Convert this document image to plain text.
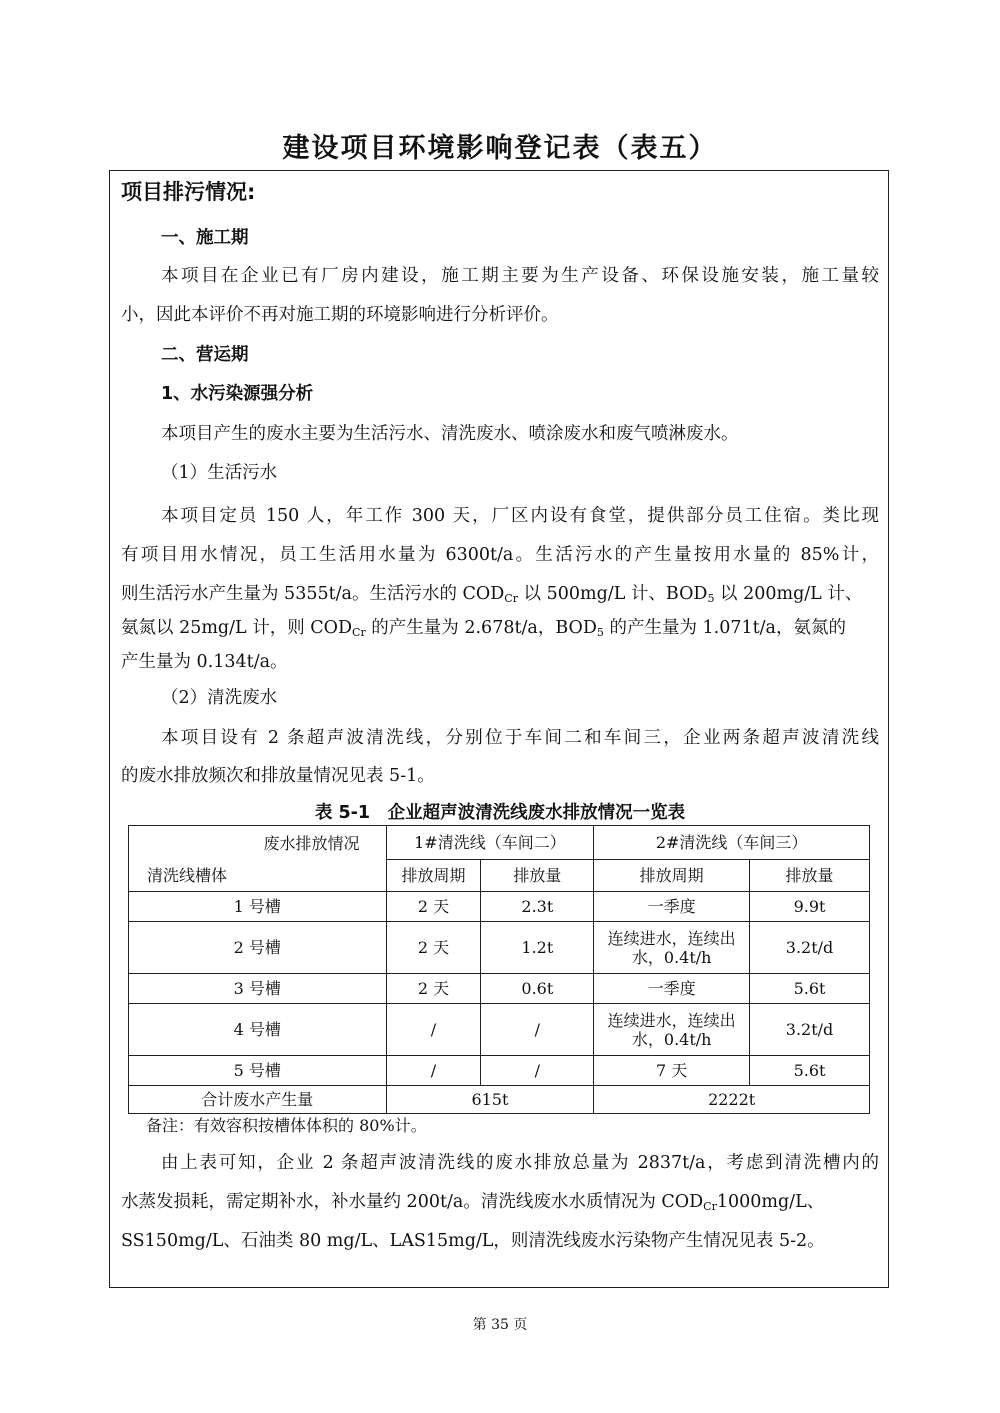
建设项目环境影响登记表（表五）
项目排污情况:
一、施工期
本项目在企业已有厂房内建设，施工期主要为生产设备、环保设施安装，施工量较
小，因此本评价不再对施工期的环境影响进行分析评价。
二、营运期
1、水污染源强分析
本项目产生的废水主要为生活污水、清洗废水、喷涂废水和废气喷淋废水。
（1）生活污水
本项目定员 150 人，年工作 300 天，厂区内设有食堂，提供部分员工住宿。类比现
有项目用水情况，员工生活用水量为 6300t/a。生活污水的产生量按用水量的 85%计，
则生活污水产生量为 5355t/a。生活污水的 $COD_{Cr}$ 以 500mg/L 计、$BOD_5$ 以 200mg/L 计、
氨氮以 25mg/L 计，则 $COD_{Cr}$ 的产生量为 2.678t/a，$BOD_5$ 的产生量为 1.071t/a，氨氮的
产生量为 0.134t/a。
（2）清洗废水
本项目设有 2 条超声波清洗线，分别位于车间二和车间三，企业两条超声波清洗线
的废水排放频次和排放量情况见表 5-1。
表 5-1　企业超声波清洗线废水排放情况一览表
废水排放情况
清洗线槽体	1#清洗线（车间二）		2#清洗线（车间三）	
	排放周期	排放量	排放周期	排放量
1 号槽	2 天	2.3t	一季度	9.9t
2 号槽	2 天	1.2t	连续进水，连续出
水，0.4t/h	3.2t/d
3 号槽	2 天	0.6t	一季度	5.6t
4 号槽	/	/	连续进水，连续出
水，0.4t/h	3.2t/d
5 号槽	/	/	7 天	5.6t
合计废水产生量	615t		2222t	
备注：有效容积按槽体体积的 80%计。
由上表可知，企业 2 条超声波清洗线的废水排放总量为 2837t/a，考虑到清洗槽内的
水蒸发损耗，需定期补水，补水量约 200t/a。清洗线废水水质情况为 $COD_{Cr}1000mg/L$、
SS150mg/L、石油类 80 mg/L、LAS15mg/L，则清洗线废水污染物产生情况见表 5-2。
第 35 页
